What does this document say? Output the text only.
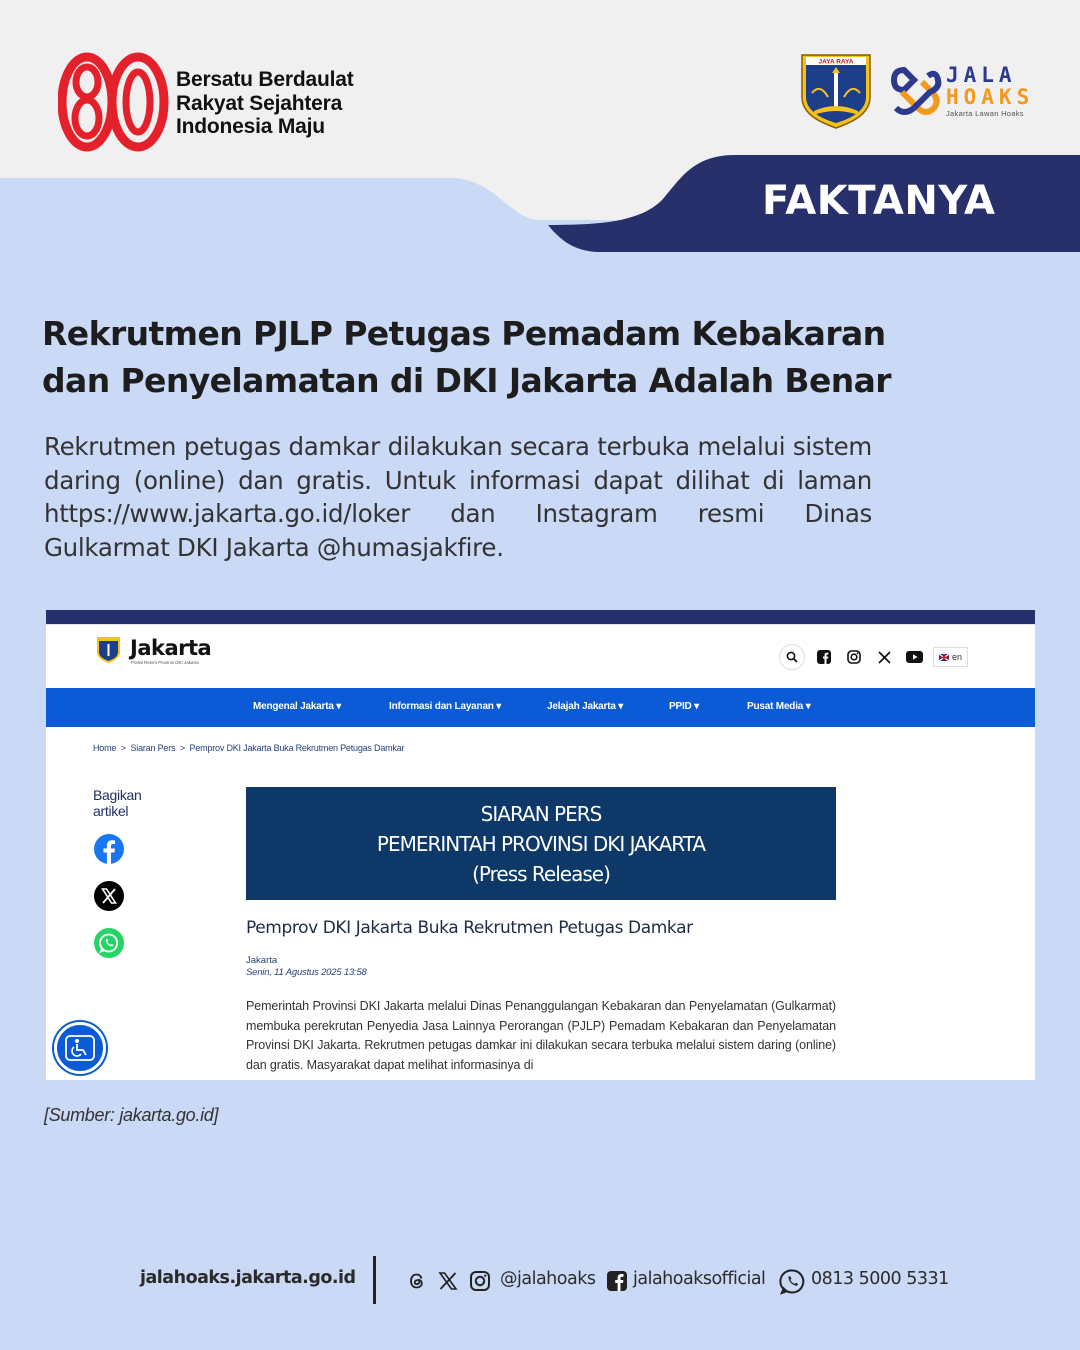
Bersatu Berdaulat
Rakyat Sejahtera
Indonesia Maju
JAYA RAYA
JALA
HOAKS
Jakarta Lawan Hoaks
FAKTANYA
Rekrutmen PJLP Petugas Pemadam Kebakaran
dan Penyelamatan di DKI Jakarta Adalah Benar
Rekrutmen petugas damkar dilakukan secara terbuka melalui sistem daring (online) dan gratis. Untuk informasi dapat dilihat di laman https://www.jakarta.go.id/loker dan Instagram resmi Dinas Gulkarmat DKI Jakarta @humasjakfire.
Jakarta
Portal Resmi Provinsi DKI Jakarta
en
Mengenal Jakarta ▾	Informasi dan Layanan ▾	Jelajah Jakarta ▾	PPID ▾	Pusat Media ▾
Home  >  Siaran Pers  >  Pemprov DKI Jakarta Buka Rekrutmen Petugas Damkar
Bagikan
artikel	SIARAN PERS
PEMERINTAH PROVINSI DKI JAKARTA
(Press Release)
Pemprov DKI Jakarta Buka Rekrutmen Petugas Damkar
Jakarta
Senin, 11 Agustus 2025 13:58
Pemerintah Provinsi DKI Jakarta melalui Dinas Penanggulangan Kebakaran dan Penyelamatan (Gulkarmat) membuka perekrutan Penyedia Jasa Lainnya Perorangan (PJLP) Pemadam Kebakaran dan Penyelamatan Provinsi DKI Jakarta. Rekrutmen petugas damkar ini dilakukan secara terbuka melalui sistem daring (online) dan gratis. Masyarakat dapat melihat informasinya di
[Sumber: jakarta.go.id]
jalahoaks.jakarta.go.id	@jalahoaks jalahoaksofficial	0813 5000 5331
